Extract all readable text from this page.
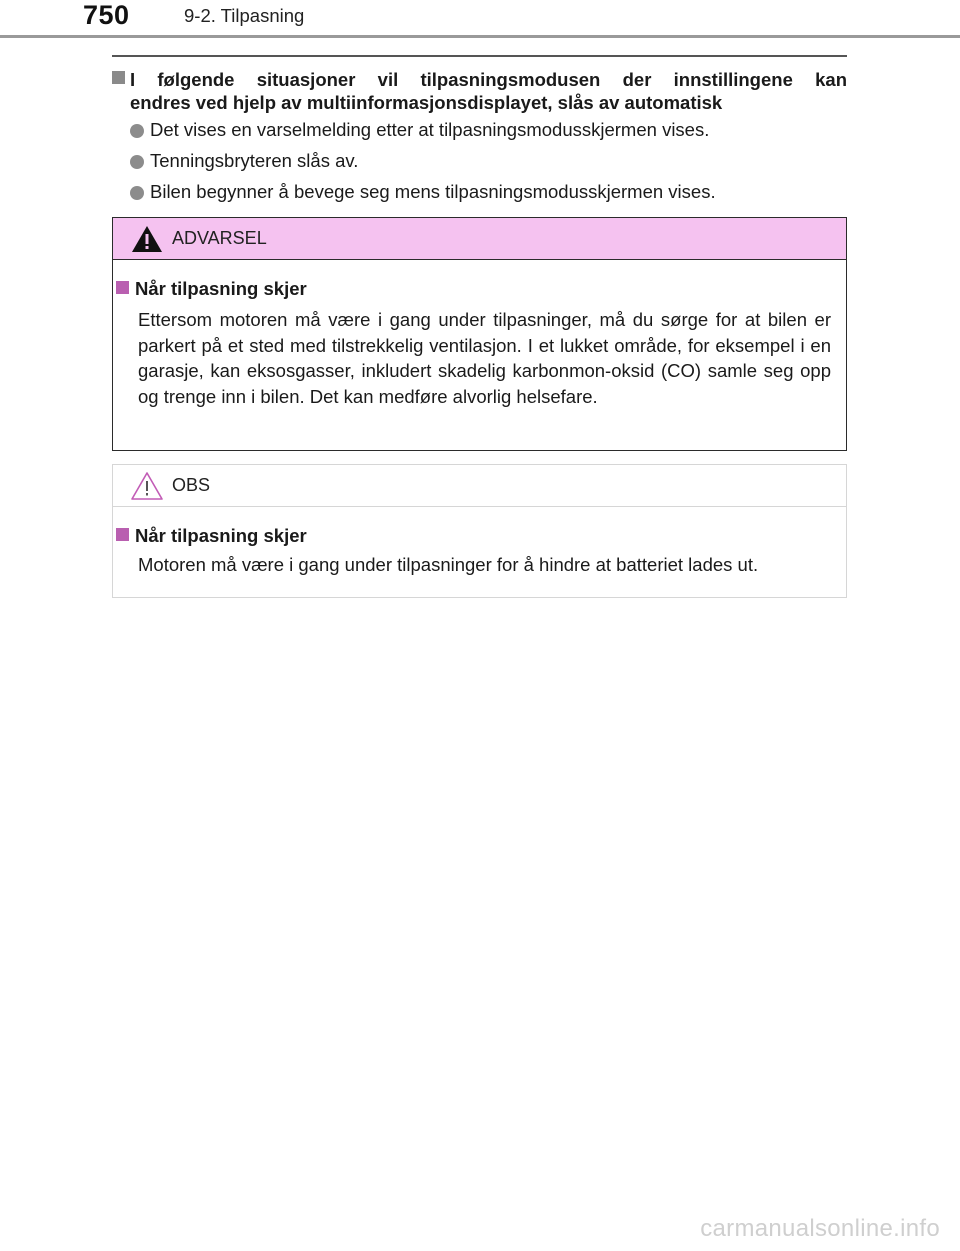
750	9-2. Tilpasning
I følgende situasjoner vil tilpasningsmodusen der innstillingene kan
endres ved hjelp av multiinformasjonsdisplayet, slås av automatisk
Det vises en varselmelding etter at tilpasningsmodusskjermen vises.
Tenningsbryteren slås av.
Bilen begynner å bevege seg mens tilpasningsmodusskjermen vises.
ADVARSEL
Når tilpasning skjer
Ettersom motoren må være i gang under tilpasninger, må du sørge for at bilen er parkert på et sted med tilstrekkelig ventilasjon. I et lukket område, for eksempel i en garasje, kan eksosgasser, inkludert skadelig karbonmon-oksid (CO) samle seg opp og trenge inn i bilen. Det kan medføre alvorlig helsefare.
OBS
Når tilpasning skjer
Motoren må være i gang under tilpasninger for å hindre at batteriet lades ut.
carmanualsonline.info
